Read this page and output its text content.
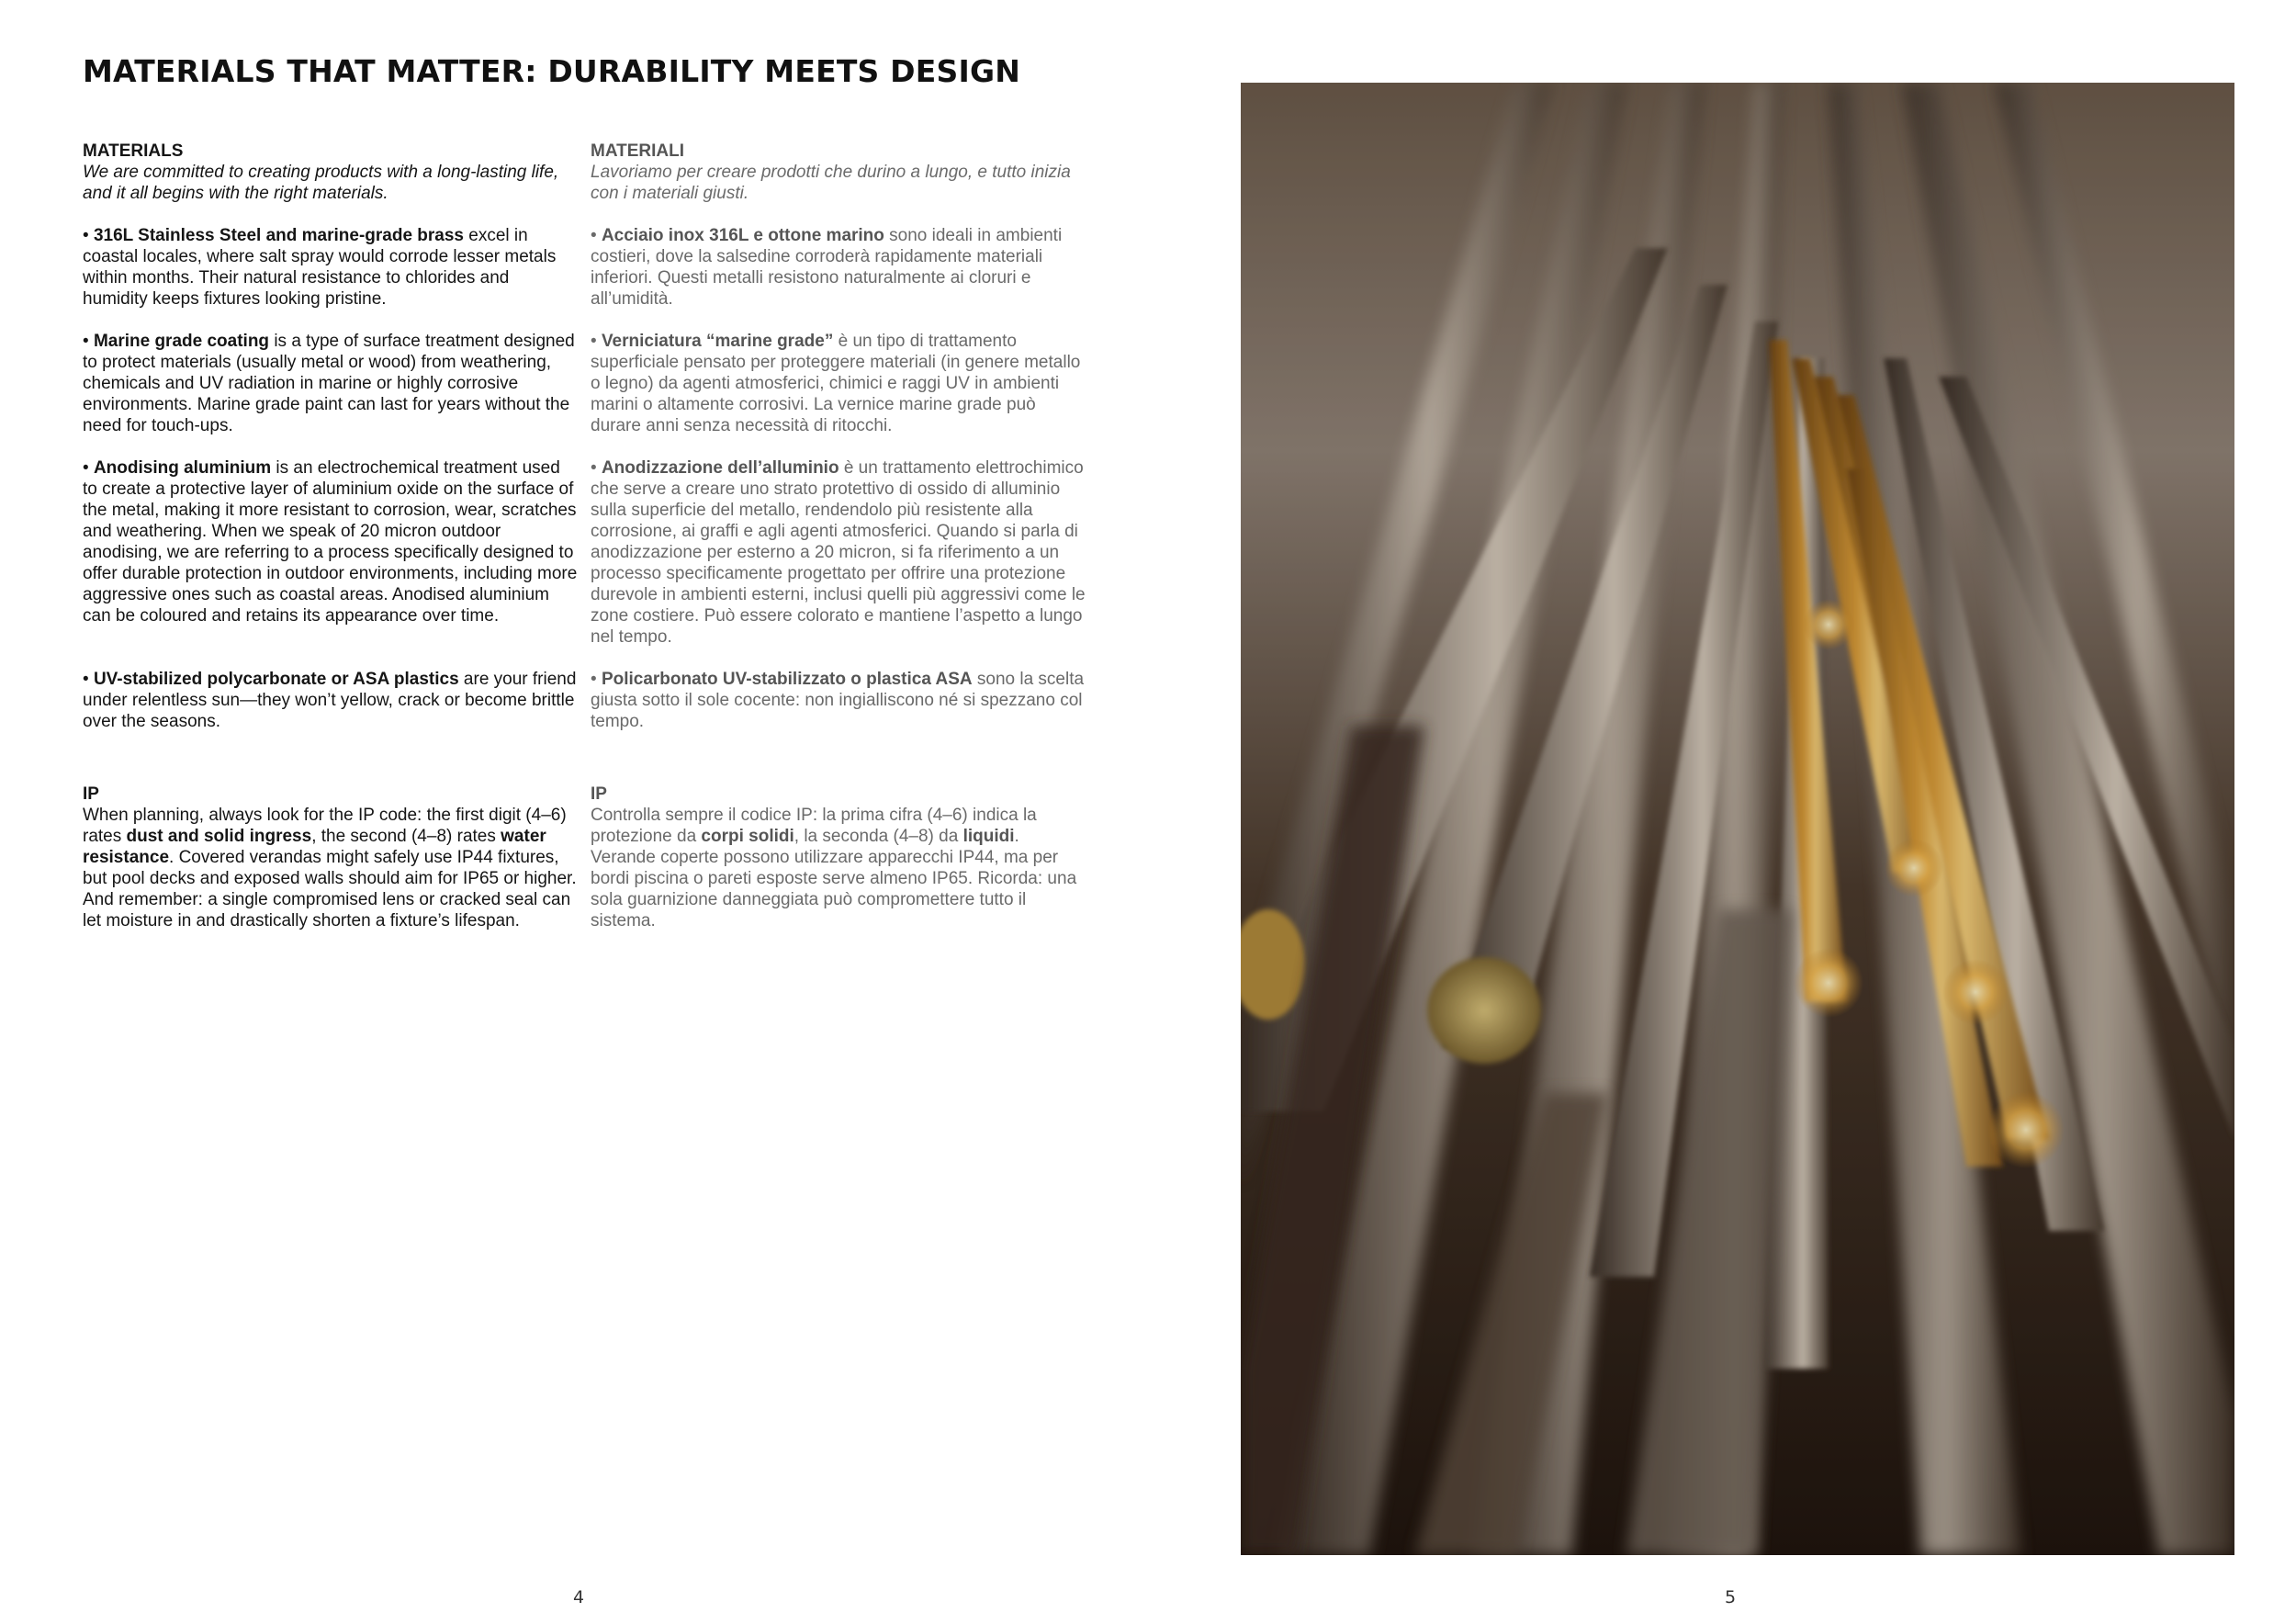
MATERIALS THAT MATTER: DURABILITY MEETS DESIGN
MATERIALS
We are committed to creating products with a long-lasting life, and it all begins with the right materials.

• 316L Stainless Steel and marine-grade brass excel in coastal locales, where salt spray would corrode lesser metals within months. Their natural resistance to chlorides and humidity keeps fixtures looking pristine.

• Marine grade coating is a type of surface treatment designed to protect materials (usually metal or wood) from weathering, chemicals and UV radiation in marine or highly corrosive environments. Marine grade paint can last for years without the need for touch-ups.

• Anodising aluminium is an electrochemical treatment used to create a protective layer of aluminium oxide on the surface of the metal, making it more resistant to corrosion, wear, scratches and weathering. When we speak of 20 micron outdoor anodising, we are referring to a process specifically designed to offer durable protection in outdoor environments, including more aggressive ones such as coastal areas. Anodised aluminium can be coloured and retains its appearance over time.

• UV-stabilized polycarbonate or ASA plastics are your friend under relentless sun—they won’t yellow, crack or become brittle over the seasons.

IP

When planning, always look for the IP code: the first digit (4–6) rates dust and solid ingress, the second (4–8) rates water resistance. Covered verandas might safely use IP44 fixtures, but pool decks and exposed walls should aim for IP65 or higher. And remember: a single compromised lens or cracked seal can let moisture in and drastically shorten a fixture’s lifespan.

MATERIALI
Lavoriamo per creare prodotti che durino a lungo, e tutto inizia con i materiali giusti.

• Acciaio inox 316L e ottone marino sono ideali in ambienti costieri, dove la salsedine corroderà rapidamente materiali inferiori. Questi metalli resistono naturalmente ai cloruri e all’umidità.

• Verniciatura “marine grade” è un tipo di trattamento superficiale pensato per proteggere materiali (in genere metallo o legno) da agenti atmosferici, chimici e raggi UV in ambienti marini o altamente corrosivi. La vernice marine grade può durare anni senza necessità di ritocchi.

• Anodizzazione dell’alluminio è un trattamento elettrochimico che serve a creare uno strato protettivo di ossido di alluminio sulla superficie del metallo, rendendolo più resistente alla corrosione, ai graffi e agli agenti atmosferici. Quando si parla di anodizzazione per esterno a 20 micron, si fa riferimento a un processo specificamente progettato per offrire una protezione durevole in ambienti esterni, inclusi quelli più aggressivi come le zone costiere. Può essere colorato e mantiene l’aspetto a lungo nel tempo.

• Policarbonato UV-stabilizzato o plastica ASA sono la scelta giusta sotto il sole cocente: non ingialliscono né si spezzano col tempo.

IP

Controlla sempre il codice IP: la prima cifra (4–6) indica la protezione da corpi solidi, la seconda (4–8) da liquidi. Verande coperte possono utilizzare apparecchi IP44, ma per bordi piscina o pareti esposte serve almeno IP65. Ricorda: una sola guarnizione danneggiata può compromettere tutto il sistema.

4	5
